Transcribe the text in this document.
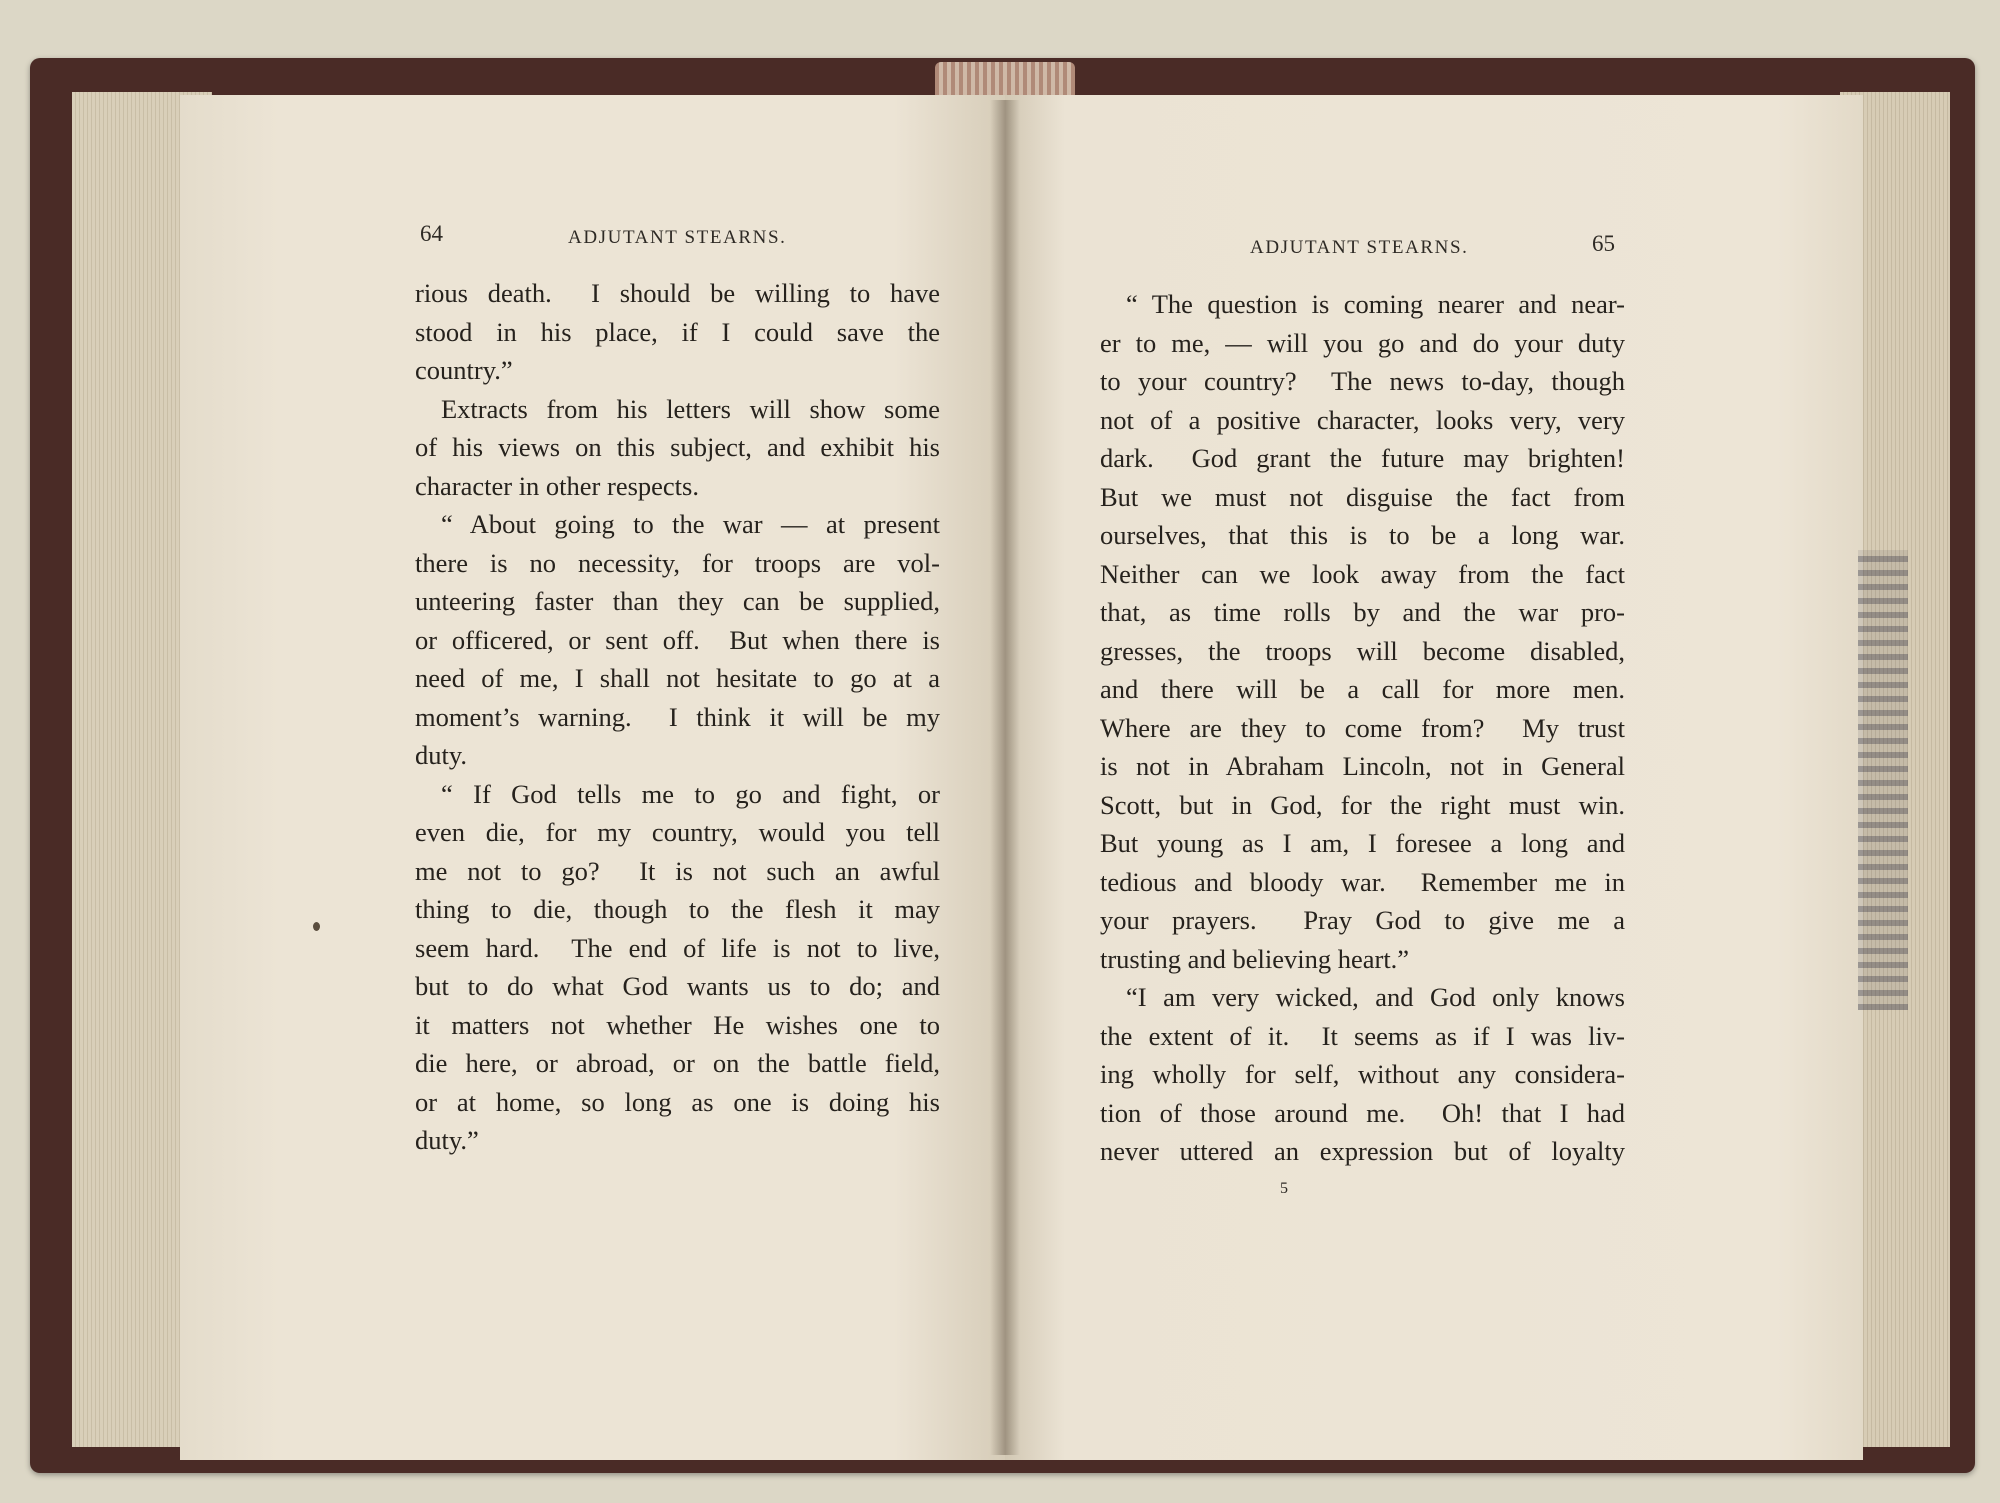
64	ADJUTANT STEARNS.
rious death.  I should be willing to have
stood in his place, if I could save the
country.”
Extracts from his letters will show some
of his views on this subject, and exhibit his
character in other respects.
“ About going to the war — at present
there is no necessity, for troops are vol-
unteering faster than they can be supplied,
or officered, or sent off.  But when there is
need of me, I shall not hesitate to go at a
moment’s warning.  I think it will be my
duty.
“ If God tells me to go and fight, or
even die, for my country, would you tell
me not to go?  It is not such an awful
thing to die, though to the flesh it may
seem hard.  The end of life is not to live,
but to do what God wants us to do; and
it matters not whether He wishes one to
die here, or abroad, or on the battle field,
or at home, so long as one is doing his
duty.”
ADJUTANT STEARNS.	65
“ The question is coming nearer and near-
er to me, — will you go and do your duty
to your country?  The news to-day, though
not of a positive character, looks very, very
dark.  God grant the future may brighten!
But we must not disguise the fact from
ourselves, that this is to be a long war.
Neither can we look away from the fact
that, as time rolls by and the war pro-
gresses, the troops will become disabled,
and there will be a call for more men.
Where are they to come from?  My trust
is not in Abraham Lincoln, not in General
Scott, but in God, for the right must win.
But young as I am, I foresee a long and
tedious and bloody war.  Remember me in
your prayers.  Pray God to give me a
trusting and believing heart.”
“I am very wicked, and God only knows
the extent of it.  It seems as if I was liv-
ing wholly for self, without any considera-
tion of those around me.  Oh! that I had
never uttered an expression but of loyalty
5
